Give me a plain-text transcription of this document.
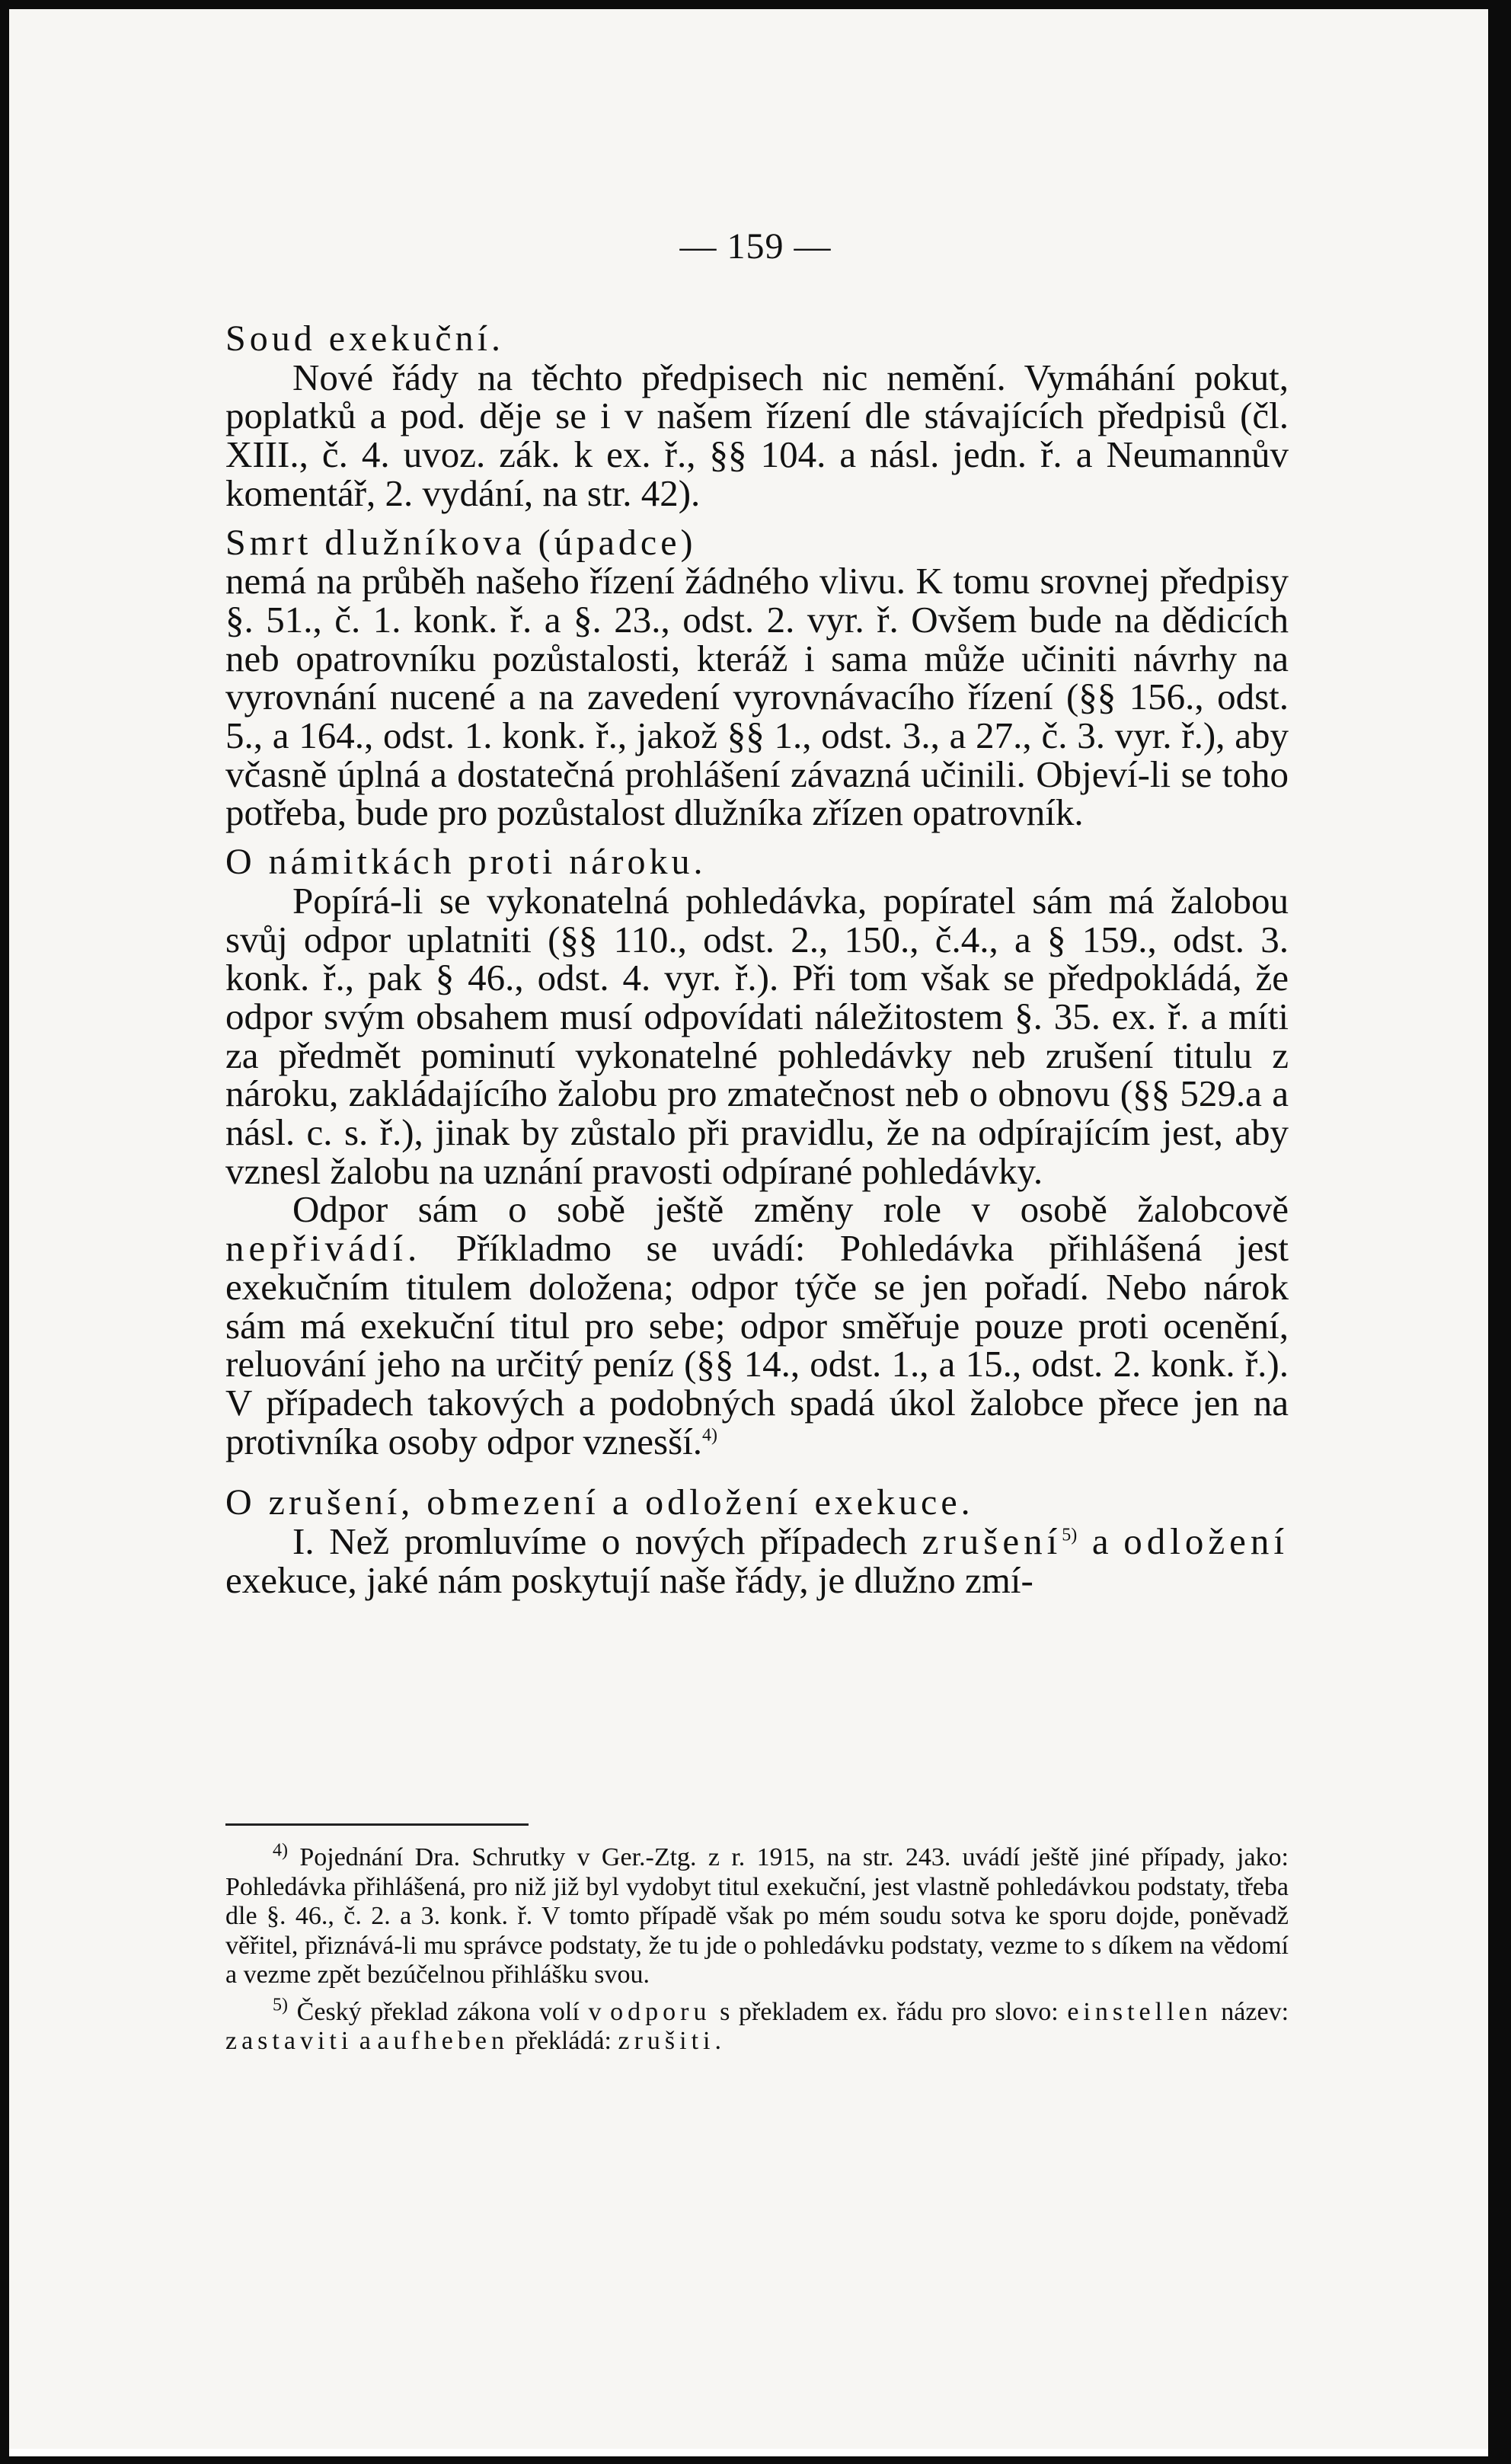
— 159 —

Soud exekuční.

Nové řády na těchto předpisech nic nemění. Vymáhání pokut, poplatků a pod. děje se i v našem řízení dle stávajících předpisů (čl. XIII., č. 4. uvoz. zák. k ex. ř., §§ 104. a násl. jedn. ř. a Neumannův komentář, 2. vydání, na str. 42).

Smrt dlužníkova (úpadce)

nemá na průběh našeho řízení žádného vlivu. K tomu srovnej předpisy §. 51., č. 1. konk. ř. a §. 23., odst. 2. vyr. ř. Ovšem bude na dědicích neb opatrovníku pozůstalosti, kteráž i sama může učiniti návrhy na vyrovnání nucené a na zavedení vyrovnávacího řízení (§§ 156., odst. 5., a 164., odst. 1. konk. ř., jakož §§ 1., odst. 3., a 27., č. 3. vyr. ř.), aby včasně úplná a dostatečná prohlášení závazná učinili. Objeví-li se toho potřeba, bude pro pozůstalost dlužníka zřízen opatrovník.

O námitkách proti nároku.

Popírá-li se vykonatelná pohledávka, popíratel sám má žalobou svůj odpor uplatniti (§§ 110., odst. 2., 150., č.4., a § 159., odst. 3. konk. ř., pak § 46., odst. 4. vyr. ř.). Při tom však se předpokládá, že odpor svým obsahem musí odpovídati náležitostem §. 35. ex. ř. a míti za předmět pominutí vykonatelné pohledávky neb zrušení titulu z nároku, zakládajícího žalobu pro zmatečnost neb o obnovu (§§ 529.a a násl. c. s. ř.), jinak by zůstalo při pravidlu, že na odpírajícím jest, aby vznesl žalobu na uznání pravosti odpírané pohledávky.

Odpor sám o sobě ještě změny role v osobě žalobcově nepřivádí. Příkladmo se uvádí: Pohledávka přihlášená jest exekučním titulem doložena; odpor týče se jen pořadí. Nebo nárok sám má exekuční titul pro sebe; odpor směřuje pouze proti ocenění, reluování jeho na určitý peníz (§§ 14., odst. 1., a 15., odst. 2. konk. ř.). V případech takových a podobných spadá úkol žalobce přece jen na protivníka osoby odpor vznesší.$^{4)}$

O zrušení, obmezení a odložení exekuce.

I. Než promluvíme o nových případech zrušení$^{5)}$ a odložení exekuce, jaké nám poskytují naše řády, je dlužno zmí-

$^{4)}$ Pojednání Dra. Schrutky v Ger.-Ztg. z r. 1915, na str. 243. uvádí ještě jiné případy, jako: Pohledávka přihlášená, pro niž již byl vydobyt titul exekuční, jest vlastně pohledávkou podstaty, třeba dle §. 46., č. 2. a 3. konk. ř. V tomto případě však po mém soudu sotva ke sporu dojde, poněvadž věřitel, přiznává-li mu správce podstaty, že tu jde o pohledávku podstaty, vezme to s díkem na vědomí a vezme zpět bezúčelnou přihlášku svou.

$^{5)}$ Český překlad zákona volí v odporu s překladem ex. řádu pro slovo: einstellen název: zastaviti a aufheben překládá: zrušiti.
